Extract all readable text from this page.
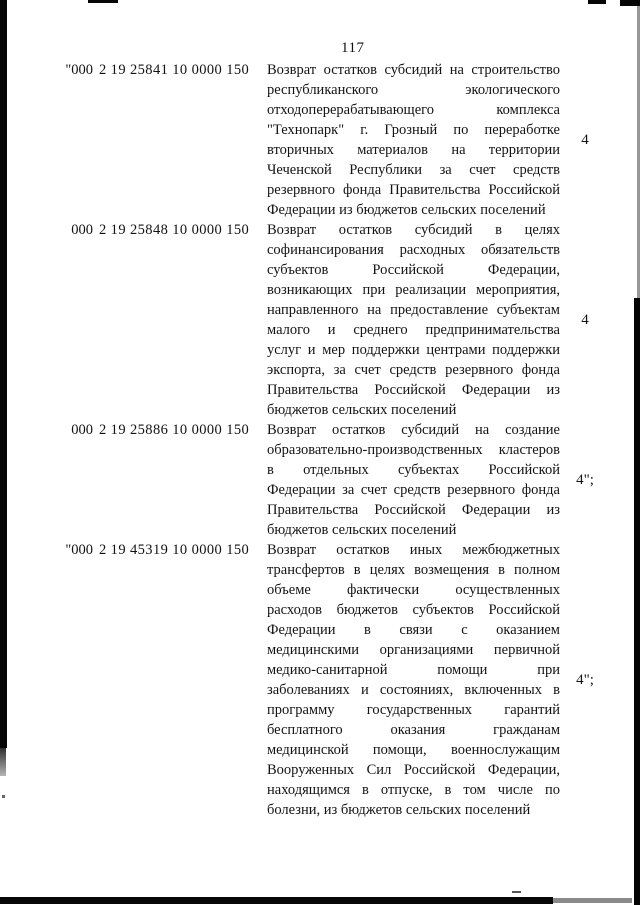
117
"000 2 19 25841 10 0000 150 Возврат остатков субсидий на строительство
республиканского экологического
отходоперерабатывающего комплекса
"Технопарк" г. Грозный по переработке
вторичных материалов на территории
Чеченской Республики за счет средств
резервного фонда Правительства Российской
Федерации из бюджетов сельских поселений
4
000 2 19 25848 10 0000 150 Возврат остатков субсидий в целях
софинансирования расходных обязательств
субъектов Российской Федерации,
возникающих при реализации мероприятия,
направленного на предоставление субъектам
малого и среднего предпринимательства
услуг и мер поддержки центрами поддержки
экспорта, за счет средств резервного фонда
Правительства Российской Федерации из
бюджетов сельских поселений
4
000 2 19 25886 10 0000 150 Возврат остатков субсидий на создание
образовательно-производственных кластеров
в отдельных субъектах Российской
Федерации за счет средств резервного фонда
Правительства Российской Федерации из
бюджетов сельских поселений
4";
"000 2 19 45319 10 0000 150 Возврат остатков иных межбюджетных
трансфертов в целях возмещения в полном
объеме фактически осуществленных
расходов бюджетов субъектов Российской
Федерации в связи с оказанием
медицинскими организациями первичной
медико-санитарной помощи при
заболеваниях и состояниях, включенных в
программу государственных гарантий
бесплатного оказания гражданам
медицинской помощи, военнослужащим
Вооруженных Сил Российской Федерации,
находящимся в отпуске, в том числе по
болезни, из бюджетов сельских поселений
4";
